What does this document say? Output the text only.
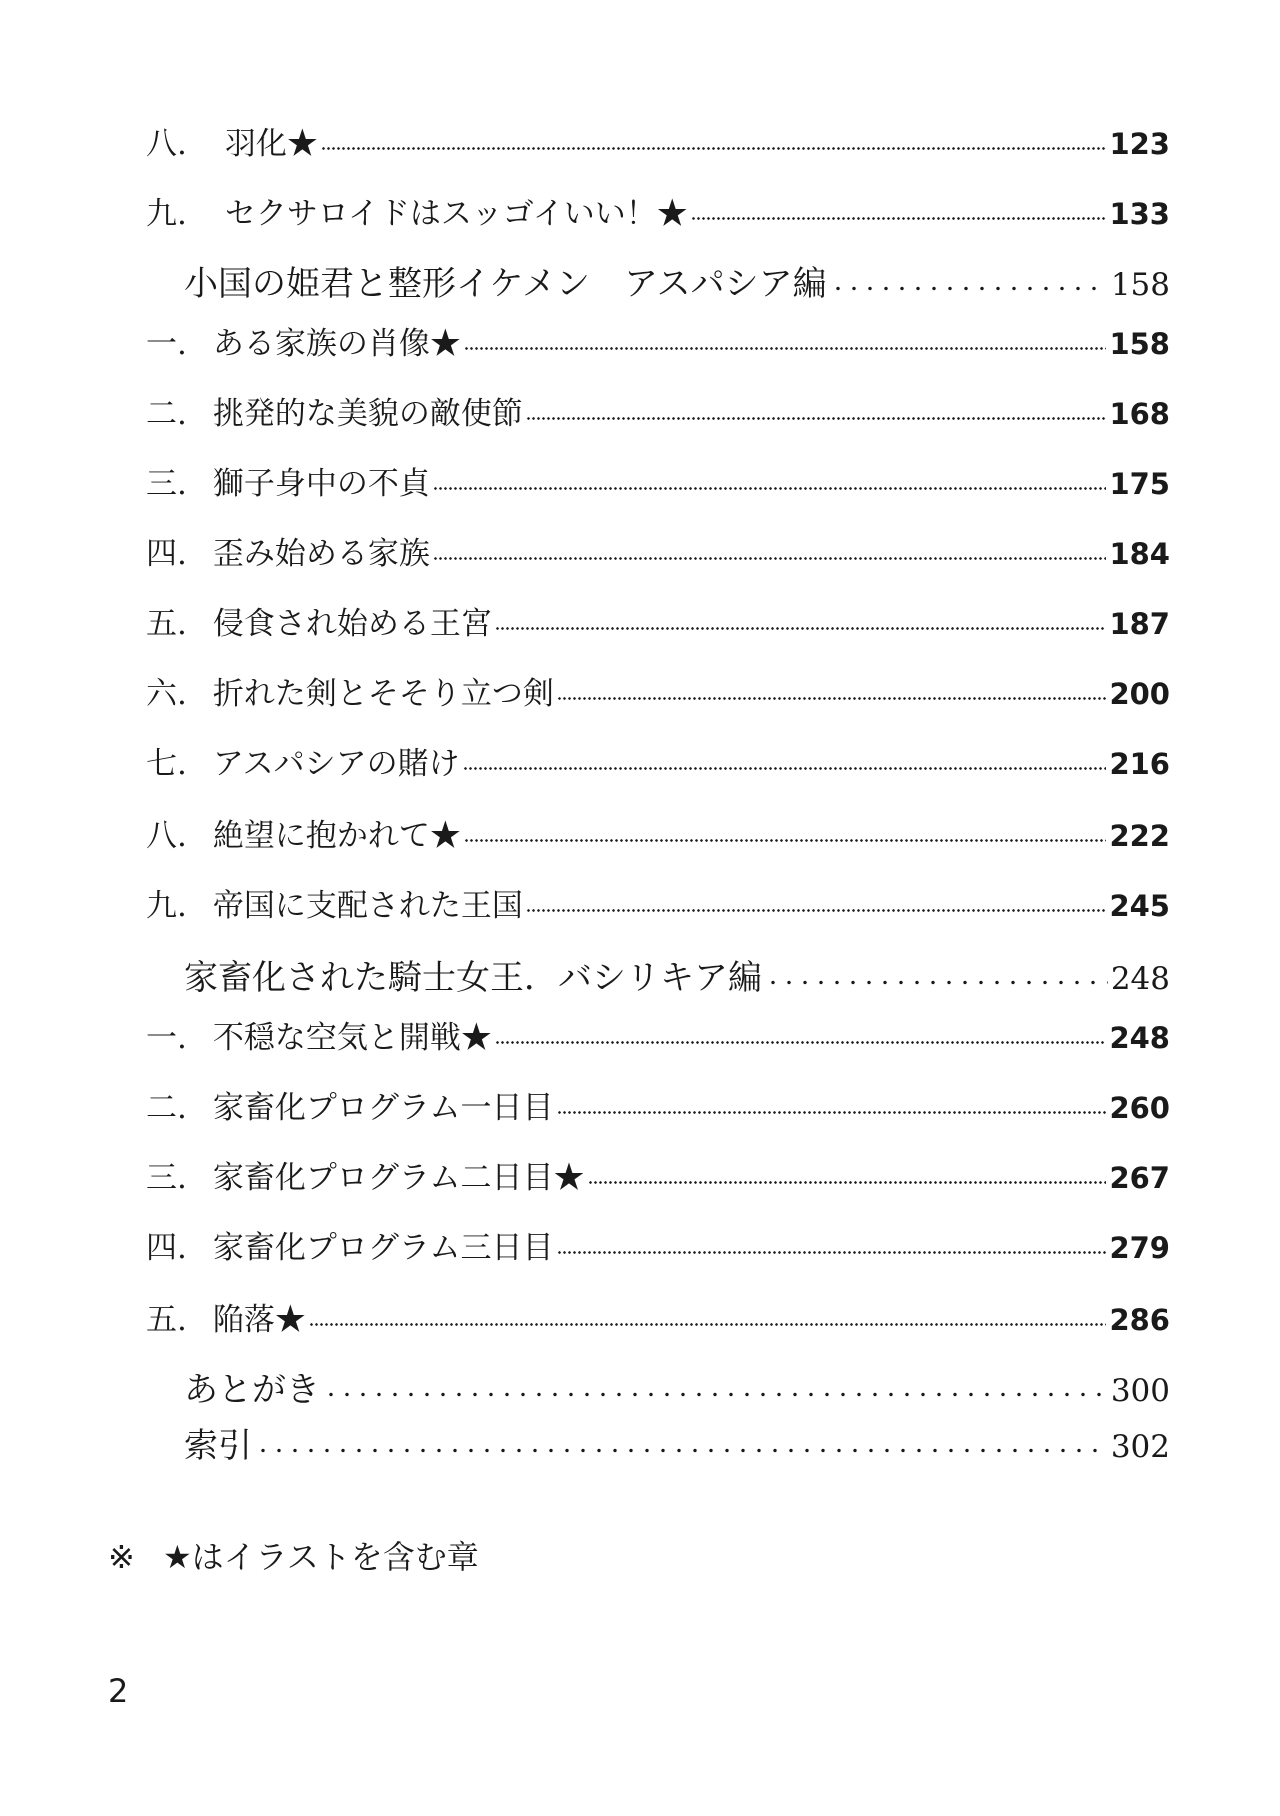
八. 羽化★	123
九. セクサロイドはスッゴイいい！★	133
小国の姫君と整形イケメン　アスパシア編	158
一. ある家族の肖像★	158
二. 挑発的な美貌の敵使節	168
三. 獅子身中の不貞	175
四. 歪み始める家族	184
五. 侵食され始める王宮	187
六. 折れた剣とそそり立つ剣	200
七. アスパシアの賭け	216
八. 絶望に抱かれて★	222
九. 帝国に支配された王国	245
家畜化された騎士女王．バシリキア編	248
一. 不穏な空気と開戦★	248
二. 家畜化プログラム一日目	260
三. 家畜化プログラム二日目★	267
四. 家畜化プログラム三日目	279
五. 陥落★	286
あとがき	300
索引	302
※ ★はイラストを含む章
2
